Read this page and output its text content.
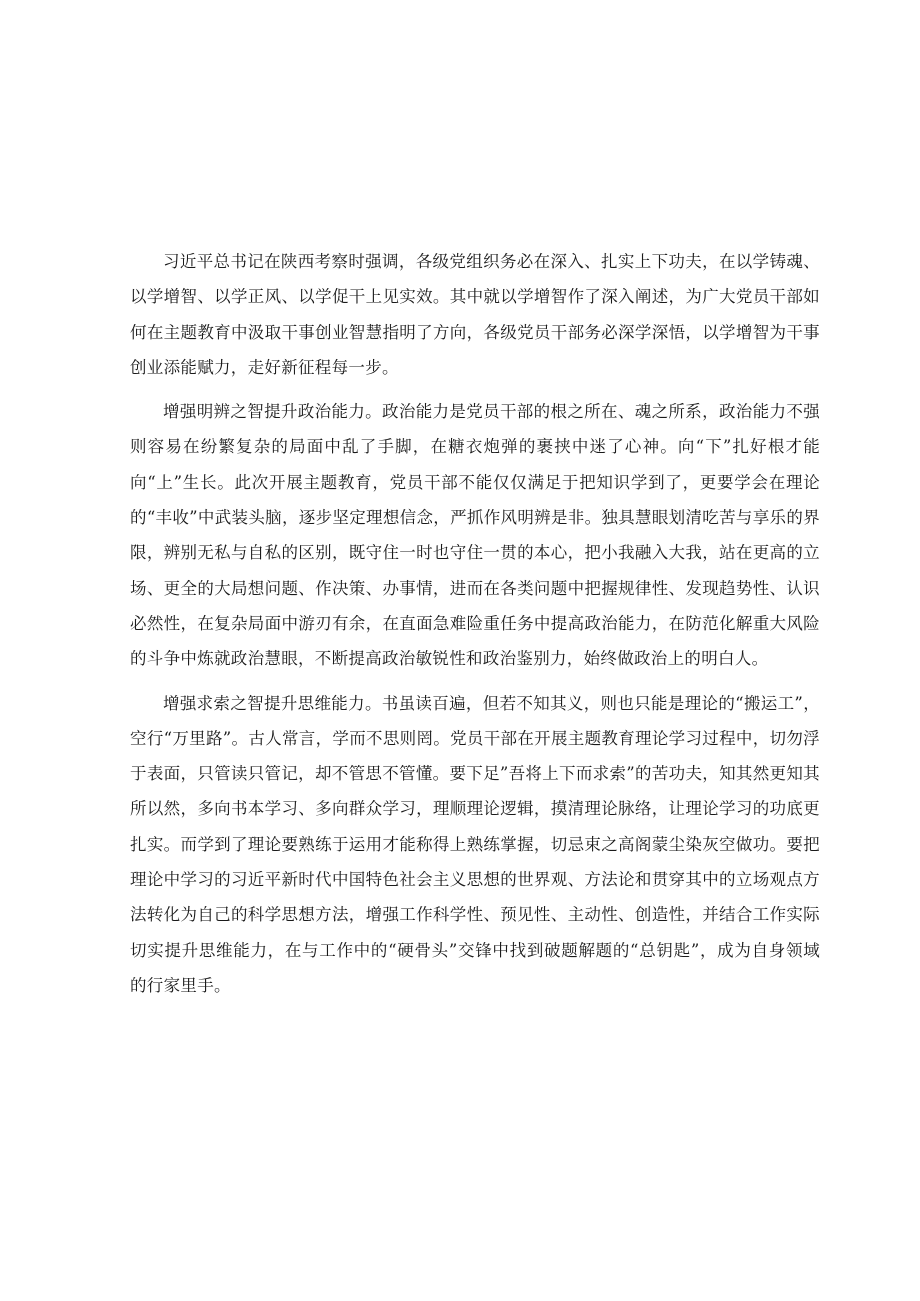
习近平总书记在陕西考察时强调，各级党组织务必在深入、扎实上下功夫，在以学铸魂、以学增智、以学正风、以学促干上见实效。其中就以学增智作了深入阐述，为广大党员干部如何在主题教育中汲取干事创业智慧指明了方向，各级党员干部务必深学深悟，以学增智为干事创业添能赋力，走好新征程每一步。

增强明辨之智提升政治能力。政治能力是党员干部的根之所在、魂之所系，政治能力不强则容易在纷繁复杂的局面中乱了手脚，在糖衣炮弹的裹挟中迷了心神。向“下”扎好根才能向“上”生长。此次开展主题教育，党员干部不能仅仅满足于把知识学到了，更要学会在理论的“丰收”中武装头脑，逐步坚定理想信念，严抓作风明辨是非。独具慧眼划清吃苦与享乐的界限，辨别无私与自私的区别，既守住一时也守住一贯的本心，把小我融入大我，站在更高的立场、更全的大局想问题、作决策、办事情，进而在各类问题中把握规律性、发现趋势性、认识必然性，在复杂局面中游刃有余，在直面急难险重任务中提高政治能力，在防范化解重大风险的斗争中炼就政治慧眼，不断提高政治敏锐性和政治鉴别力，始终做政治上的明白人。

增强求索之智提升思维能力。书虽读百遍，但若不知其义，则也只能是理论的“搬运工”，空行“万里路”。古人常言，学而不思则罔。党员干部在开展主题教育理论学习过程中，切勿浮于表面，只管读只管记，却不管思不管懂。要下足”吾将上下而求索”的苦功夫，知其然更知其所以然，多向书本学习、多向群众学习，理顺理论逻辑，摸清理论脉络，让理论学习的功底更扎实。而学到了理论要熟练于运用才能称得上熟练掌握，切忌束之高阁蒙尘染灰空做功。要把理论中学习的习近平新时代中国特色社会主义思想的世界观、方法论和贯穿其中的立场观点方法转化为自己的科学思想方法，增强工作科学性、预见性、主动性、创造性，并结合工作实际切实提升思维能力，在与工作中的“硬骨头”交锋中找到破题解题的“总钥匙”，成为自身领域的行家里手。
